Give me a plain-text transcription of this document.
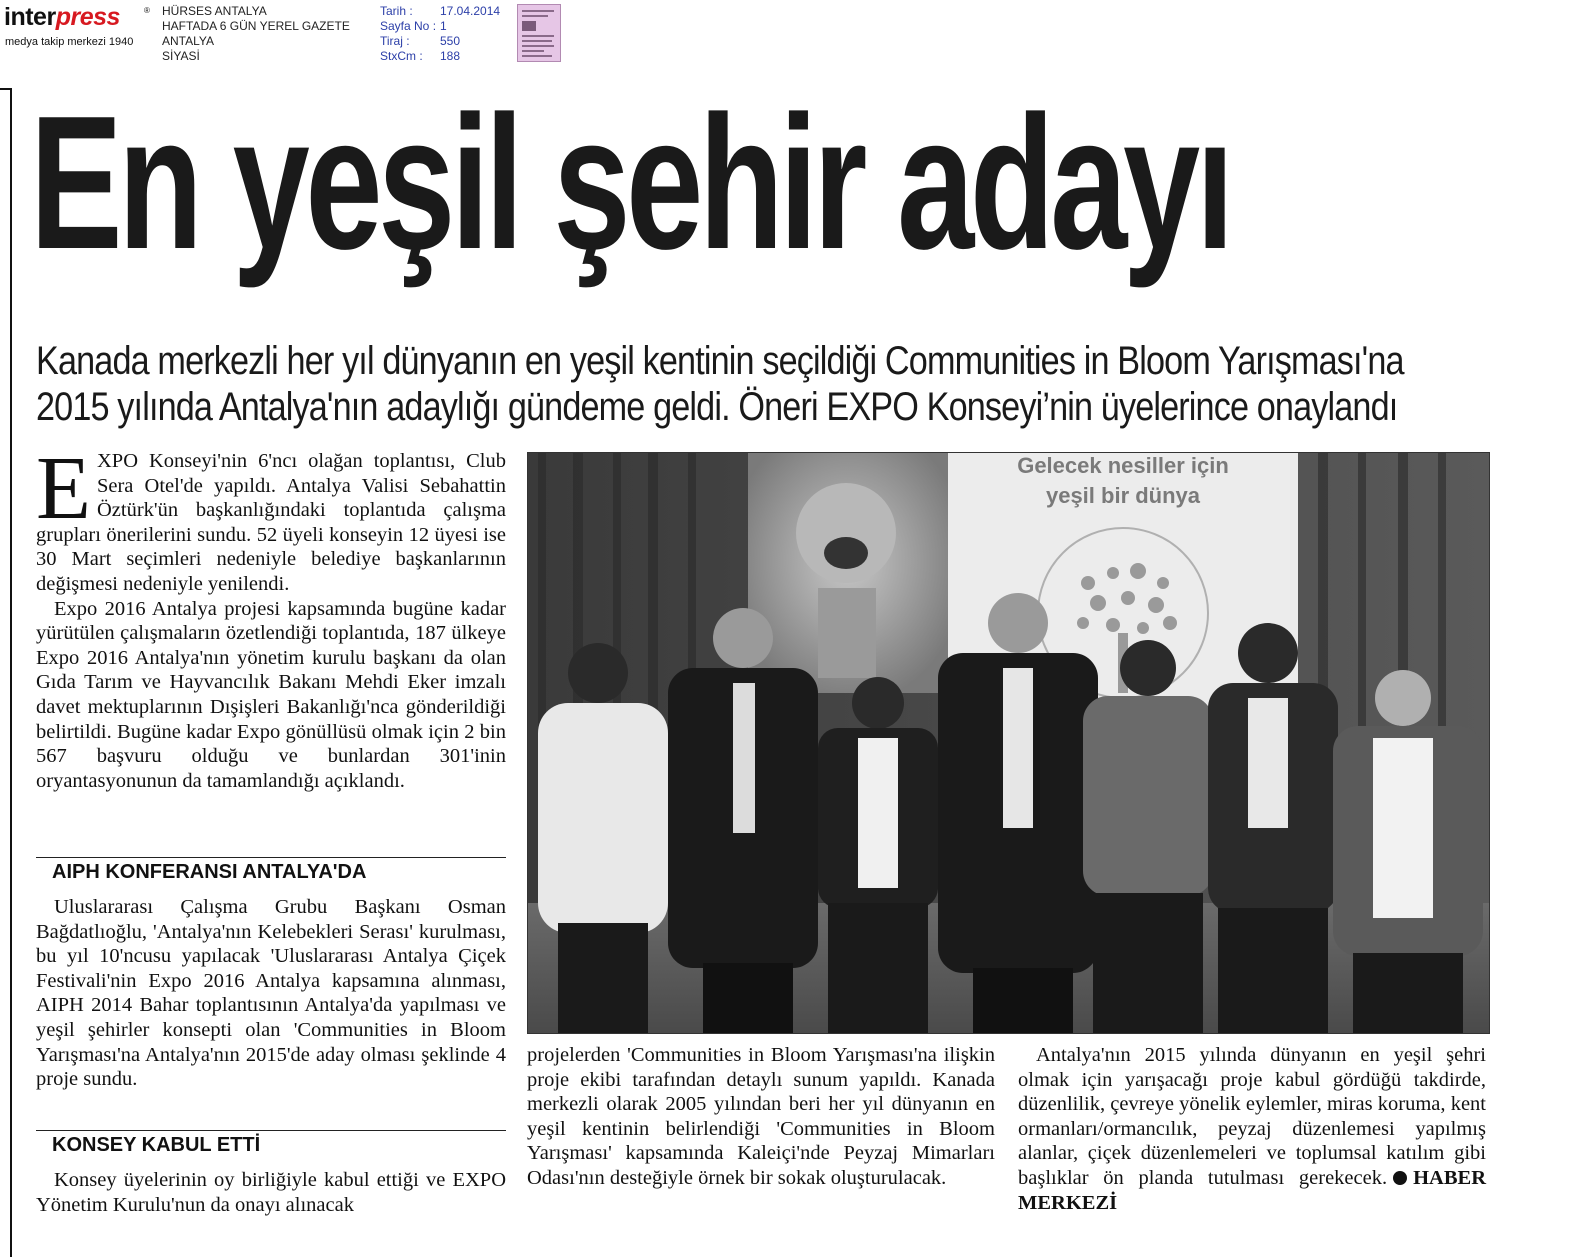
interpress	®
medya takip merkezi 1940
HÜRSES ANTALYA
HAFTADA 6 GÜN YEREL GAZETE
ANTALYA
SİYASİ
Tarih :	17.04.2014
Sayfa No : 1
Tiraj :	550
StxCm :	188
En yeşil şehir adayı
Kanada merkezli her yıl dünyanın en yeşil kentinin seçildiği Communities in Bloom Yarışması'na
2015 yılında Antalya'nın adaylığı gündeme geldi. Öneri EXPO Konseyi’nin üyelerince onaylandı
E XPO Konseyi'nin 6'ncı olağan toplantısı, Club Sera Otel'de yapıldı. Antalya Valisi Sebahattin Öztürk'ün başkanlığındaki toplantıda çalışma grupları önerilerini sundu. 52 üyeli konseyin 12 üyesi ise 30 Mart seçimleri nedeniyle belediye başkanlarının değişmesi nedeniyle yenilendi.

Expo 2016 Antalya projesi kapsamında bugüne kadar yürütülen çalışmaların özetlendiği toplantıda, 187 ülkeye Expo 2016 Antalya'nın yönetim kurulu başkanı da olan Gıda Tarım ve Hayvancılık Bakanı Mehdi Eker imzalı davet mektuplarının Dışişleri Bakanlığı'nca gönderildiği belirtildi. Bugüne kadar Expo gönüllüsü olmak için 2 bin 567 başvuru olduğu ve bunlardan 301'inin oryantasyonunun da tamamlandığı açıklandı.

AIPH KONFERANSI ANTALYA'DA

Uluslararası Çalışma Grubu Başkanı Osman Bağdatlıoğlu, 'Antalya'nın Kelebekleri Serası' kurulması, bu yıl 10'ncusu yapılacak 'Uluslararası Antalya Çiçek Festivali'nin Expo 2016 Antalya kapsamına alınması, AIPH 2014 Bahar toplantısının Antalya'da yapılması ve yeşil şehirler konsepti olan 'Communities in Bloom Yarışması'na Antalya'nın 2015'de aday olması şeklinde 4 proje sundu.

KONSEY KABUL ETTİ

Konsey üyelerinin oy birliğiyle kabul ettiği ve EXPO Yönetim Kurulu'nun da onayı alınacak

Gelecek nesiller için
yeşil bir dünya

projelerden 'Communities in Bloom Yarışması'na ilişkin proje ekibi tarafından detaylı sunum yapıldı. Kanada merkezli olarak 2005 yılından beri her yıl dünyanın en yeşil kentinin belirlendiği 'Communities in Bloom Yarışması' kapsamında Kaleiçi'nde Peyzaj Mimarları Odası'nın desteğiyle örnek bir sokak oluşturulacak.

Antalya'nın 2015 yılında dünyanın en yeşil şehri olmak için yarışacağı proje kabul gördüğü takdirde, düzenlilik, çevreye yönelik eylemler, miras koruma, kent ormanları/ormancılık, peyzaj düzenlemesi yapılmış alanlar, çiçek düzenlemeleri ve toplumsal katılım gibi başlıklar ön planda tutulması gerekecek. HABER MERKEZİ
